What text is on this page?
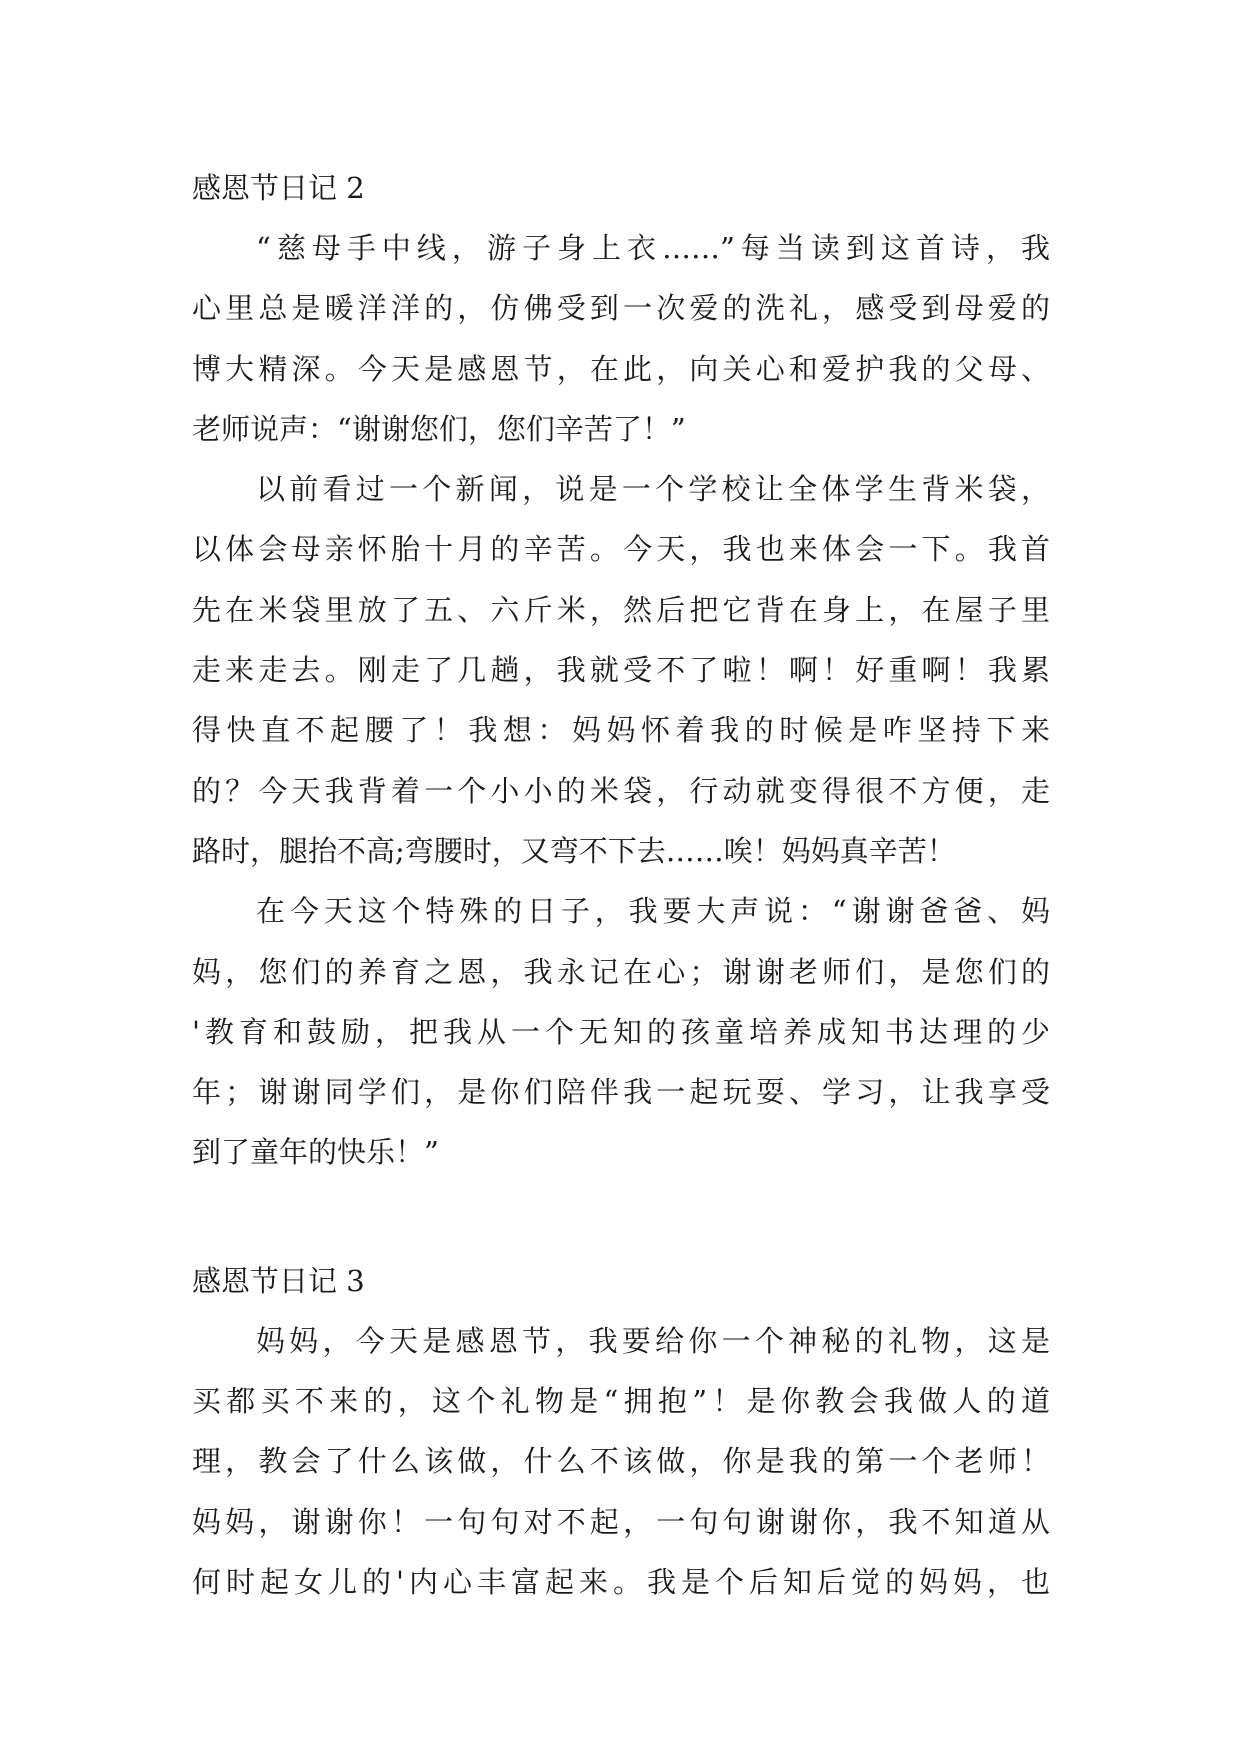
感恩节日记 2

“慈母手中线，游子身上衣……”每当读到这首诗，我
心里总是暖洋洋的，仿佛受到一次爱的洗礼，感受到母爱的
博大精深。今天是感恩节，在此，向关心和爱护我的父母、
老师说声：“谢谢您们，您们辛苦了！”

以前看过一个新闻，说是一个学校让全体学生背米袋，
以体会母亲怀胎十月的辛苦。今天，我也来体会一下。我首
先在米袋里放了五、六斤米，然后把它背在身上，在屋子里
走来走去。刚走了几趟，我就受不了啦！啊！好重啊！我累
得快直不起腰了！我想：妈妈怀着我的时候是咋坚持下来
的？今天我背着一个小小的米袋，行动就变得很不方便，走
路时，腿抬不高;弯腰时，又弯不下去……唉！妈妈真辛苦！

在今天这个特殊的日子，我要大声说：“谢谢爸爸、妈
妈，您们的养育之恩，我永记在心；谢谢老师们，是您们的
'教育和鼓励，把我从一个无知的孩童培养成知书达理的少
年；谢谢同学们，是你们陪伴我一起玩耍、学习，让我享受
到了童年的快乐！”

感恩节日记 3

妈妈，今天是感恩节，我要给你一个神秘的礼物，这是
买都买不来的，这个礼物是“拥抱”！是你教会我做人的道
理，教会了什么该做，什么不该做，你是我的第一个老师！
妈妈，谢谢你！一句句对不起，一句句谢谢你，我不知道从
何时起女儿的'内心丰富起来。我是个后知后觉的妈妈，也
